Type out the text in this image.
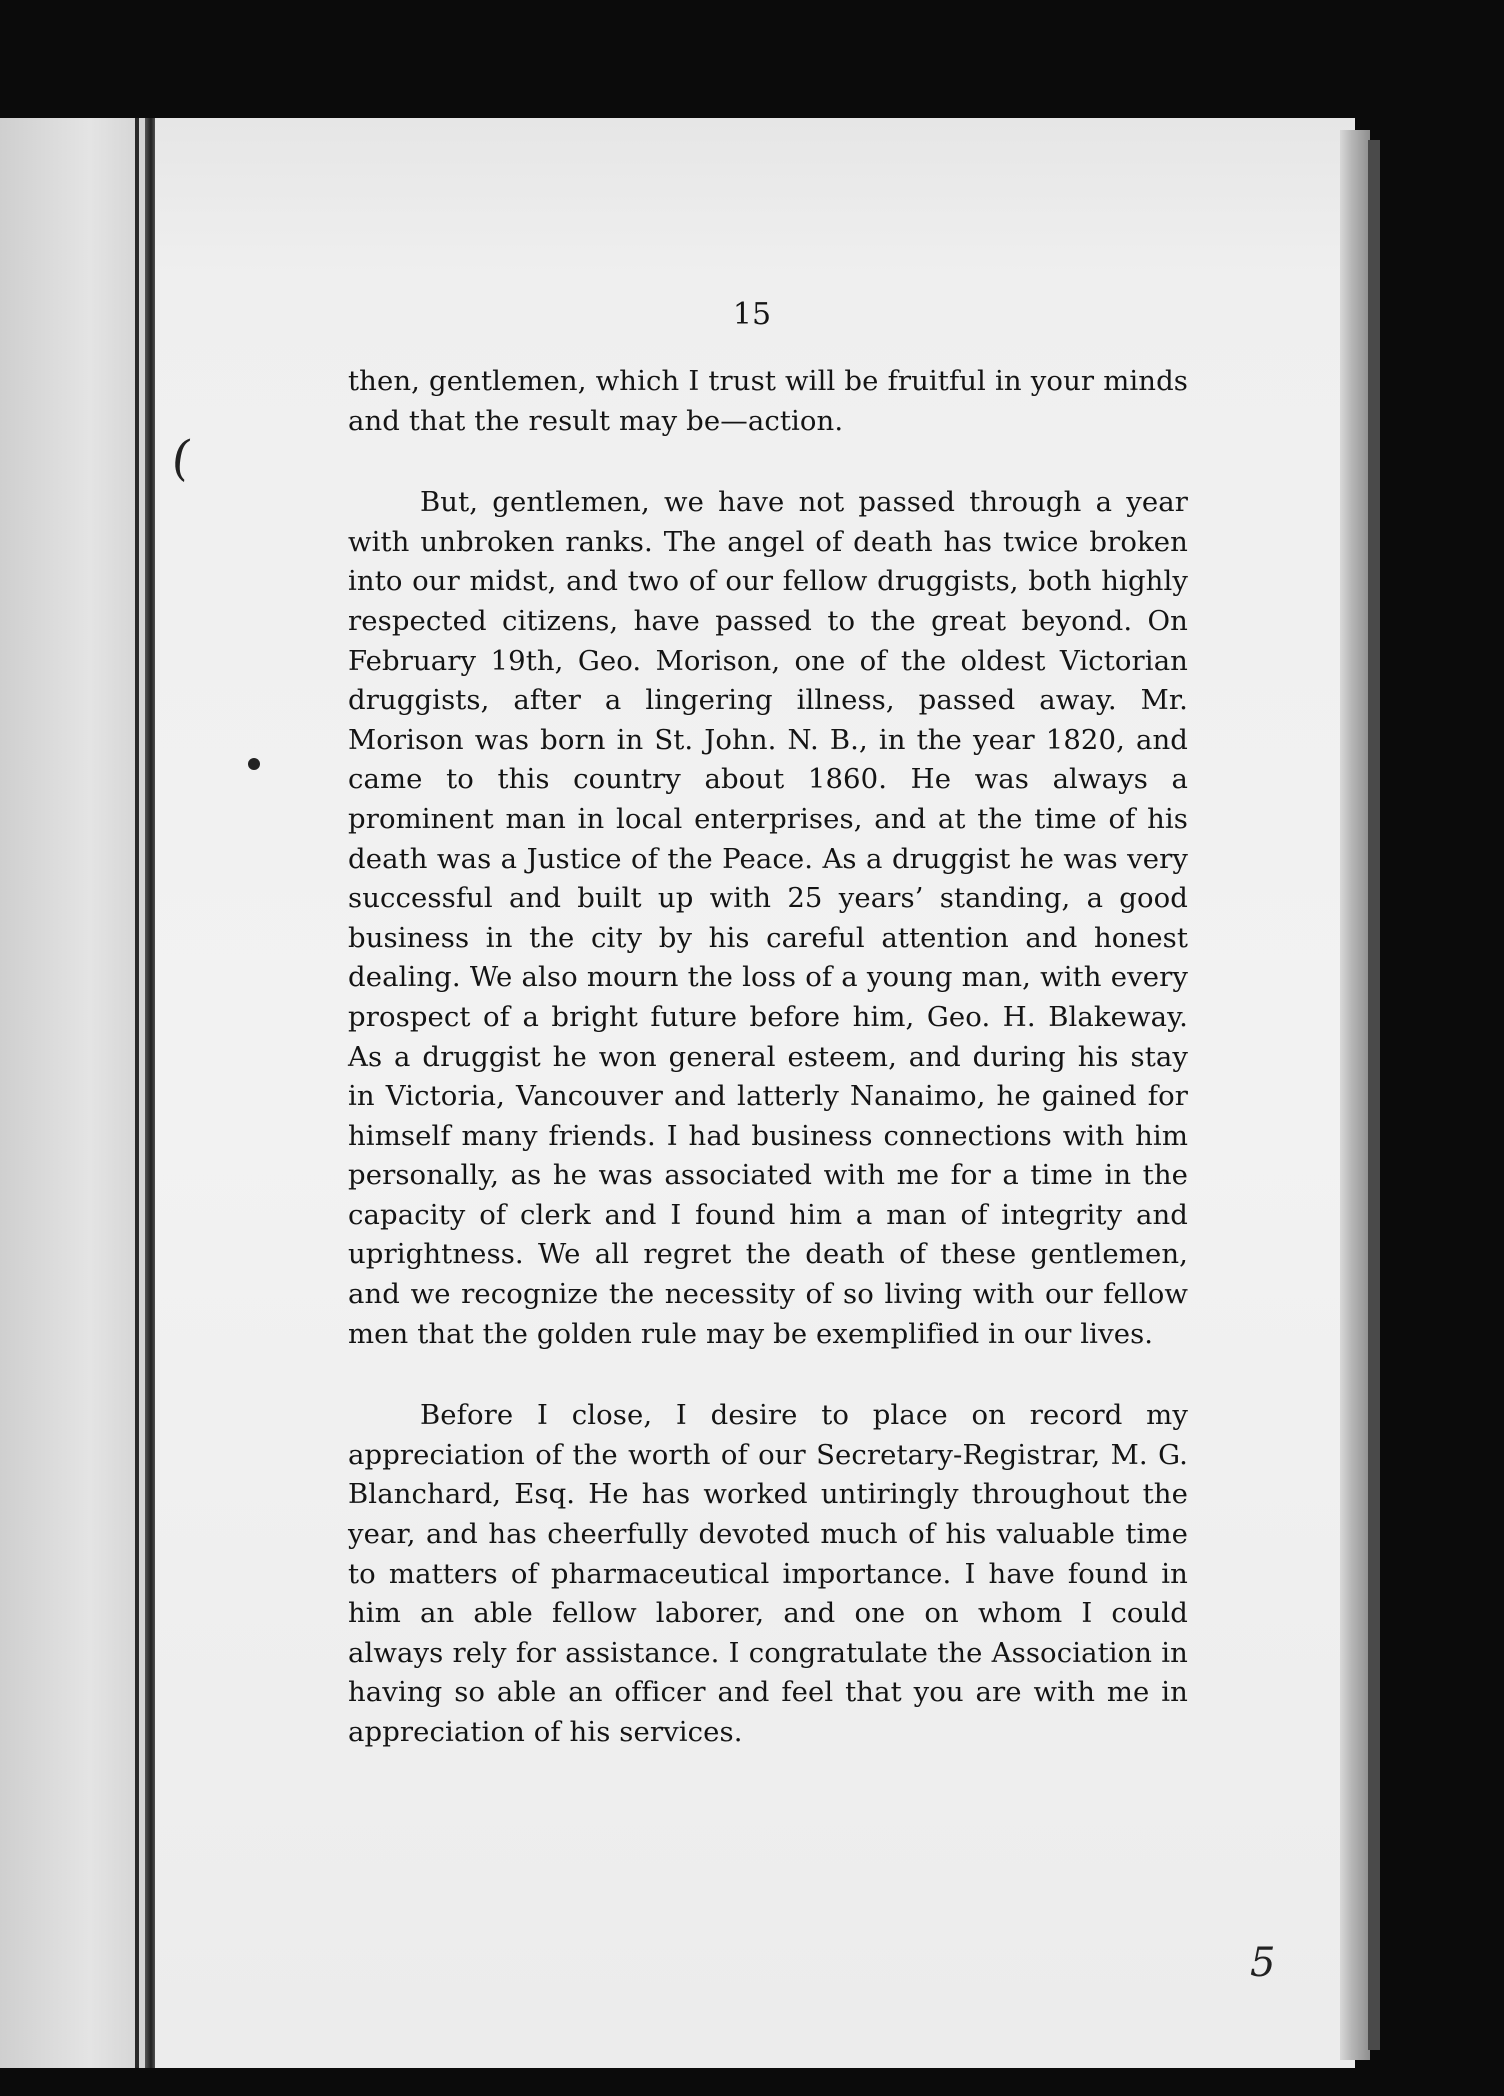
15

then, gentlemen, which I trust will be fruitful in your minds and that the result may be—action.

But, gentlemen, we have not passed through a year with unbroken ranks. The angel of death has twice broken into our midst, and two of our fellow druggists, both highly respected citizens, have passed to the great beyond. On February 19th, Geo. Morison, one of the oldest Victorian druggists, after a lingering illness, passed away. Mr. Morison was born in St. John. N. B., in the year 1820, and came to this country about 1860. He was always a prominent man in local enterprises, and at the time of his death was a Justice of the Peace. As a druggist he was very successful and built up with 25 years’ standing, a good business in the city by his careful attention and honest dealing. We also mourn the loss of a young man, with every prospect of a bright future before him, Geo. H. Blakeway. As a druggist he won general esteem, and during his stay in Victoria, Vancouver and latterly Nanaimo, he gained for himself many friends. I had business connections with him personally, as he was associated with me for a time in the capacity of clerk and I found him a man of integrity and uprightness. We all regret the death of these gentlemen, and we recognize the necessity of so living with our fellow men that the golden rule may be exemplified in our lives.

Before I close, I desire to place on record my appreciation of the worth of our Secretary-Registrar, M. G. Blanchard, Esq. He has worked untiringly throughout the year, and has cheerfully devoted much of his valuable time to matters of pharmaceutical importance. I have found in him an able fellow laborer, and one on whom I could always rely for assistance. I congratulate the Association in having so able an officer and feel that you are with me in appreciation of his services.

(
5
